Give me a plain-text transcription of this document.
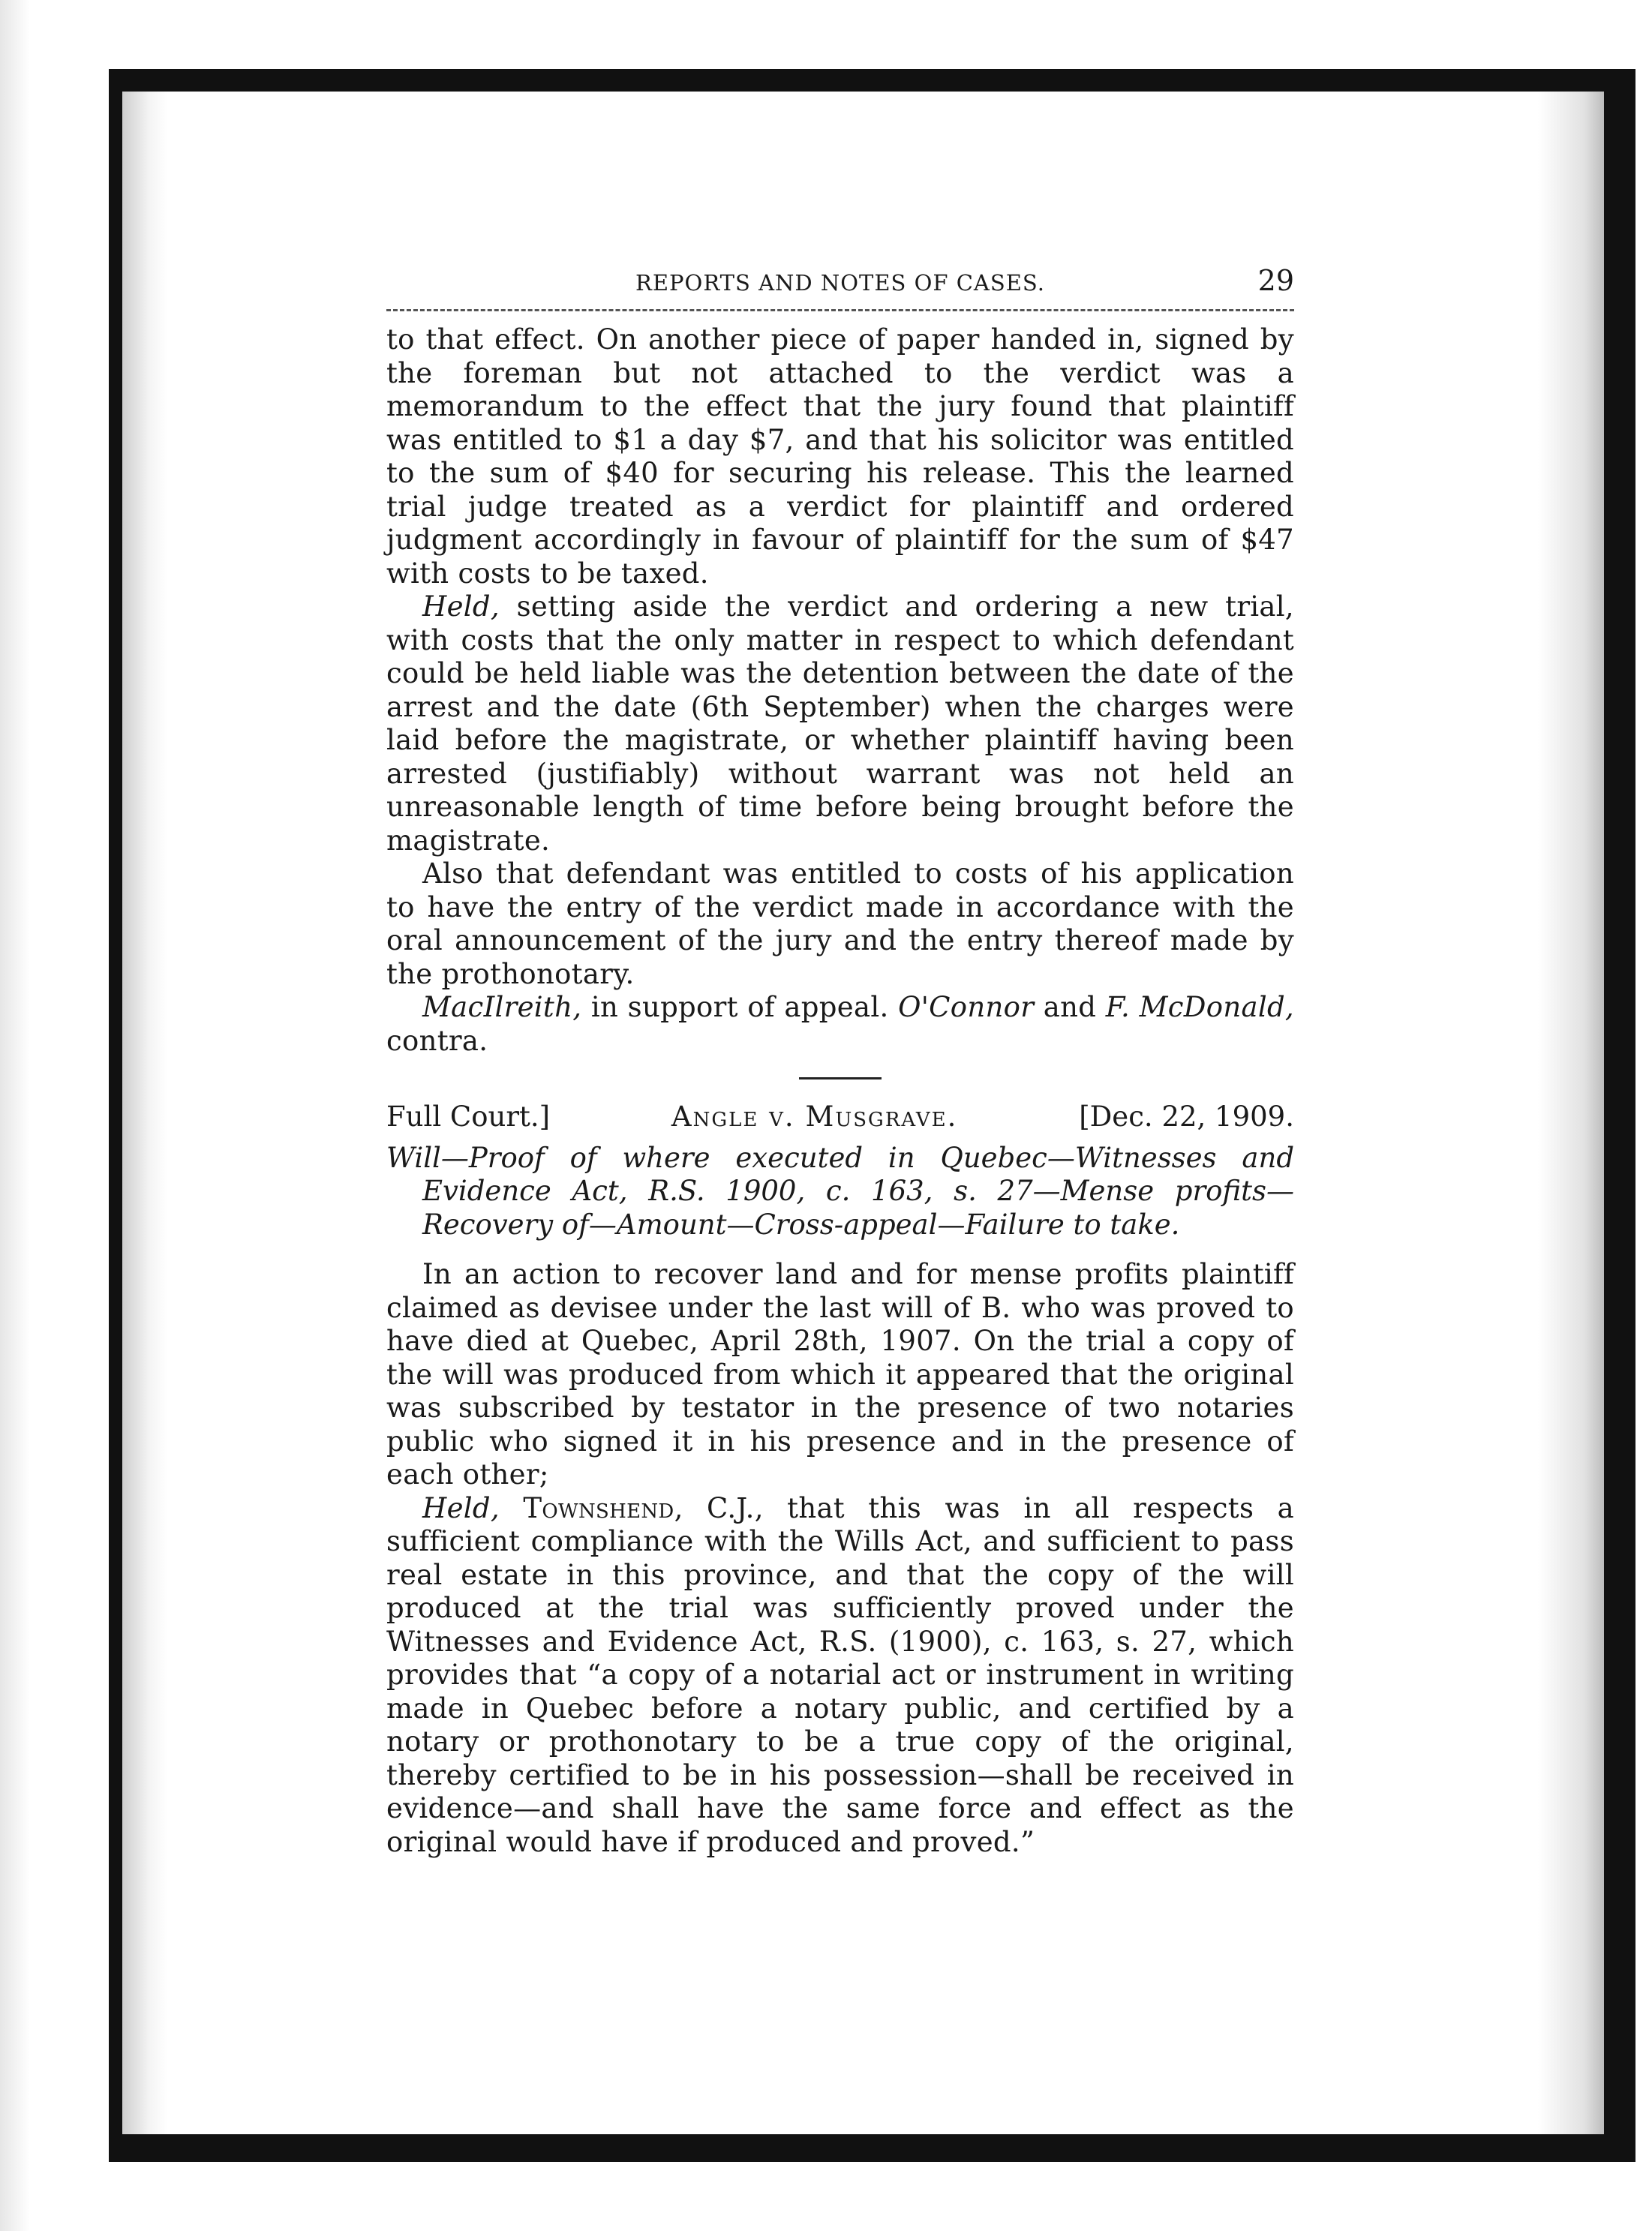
REPORTS AND NOTES OF CASES.	29

to that effect. On another piece of paper handed in, signed by the foreman but not attached to the verdict was a memorandum to the effect that the jury found that plaintiff was entitled to $1 a day $7, and that his solicitor was entitled to the sum of $40 for securing his release. This the learned trial judge treated as a verdict for plaintiff and ordered judgment accordingly in favour of plaintiff for the sum of $47 with costs to be taxed.

Held, setting aside the verdict and ordering a new trial, with costs that the only matter in respect to which defendant could be held liable was the detention between the date of the arrest and the date (6th September) when the charges were laid before the magistrate, or whether plaintiff having been arrested (justifiably) without warrant was not held an unreasonable length of time before being brought before the magistrate.

Also that defendant was entitled to costs of his application to have the entry of the verdict made in accordance with the oral announcement of the jury and the entry thereof made by the prothonotary.

MacIlreith, in support of appeal. O'Connor and F. McDonald, contra.

Full Court.]	Angle v. Musgrave.	[Dec. 22, 1909.
Will—Proof of where executed in Quebec—Witnesses and Evidence Act, R.S. 1900, c. 163, s. 27—Mense profits—Recovery of—Amount—Cross-appeal—Failure to take.

In an action to recover land and for mense profits plaintiff claimed as devisee under the last will of B. who was proved to have died at Quebec, April 28th, 1907. On the trial a copy of the will was produced from which it appeared that the original was subscribed by testator in the presence of two notaries public who signed it in his presence and in the presence of each other;

Held, Townshend, C.J., that this was in all respects a sufficient compliance with the Wills Act, and sufficient to pass real estate in this province, and that the copy of the will produced at the trial was sufficiently proved under the Witnesses and Evidence Act, R.S. (1900), c. 163, s. 27, which provides that “a copy of a notarial act or instrument in writing made in Quebec before a notary public, and certified by a notary or prothonotary to be a true copy of the original, thereby certified to be in his possession—shall be received in evidence—and shall have the same force and effect as the original would have if produced and proved.”
